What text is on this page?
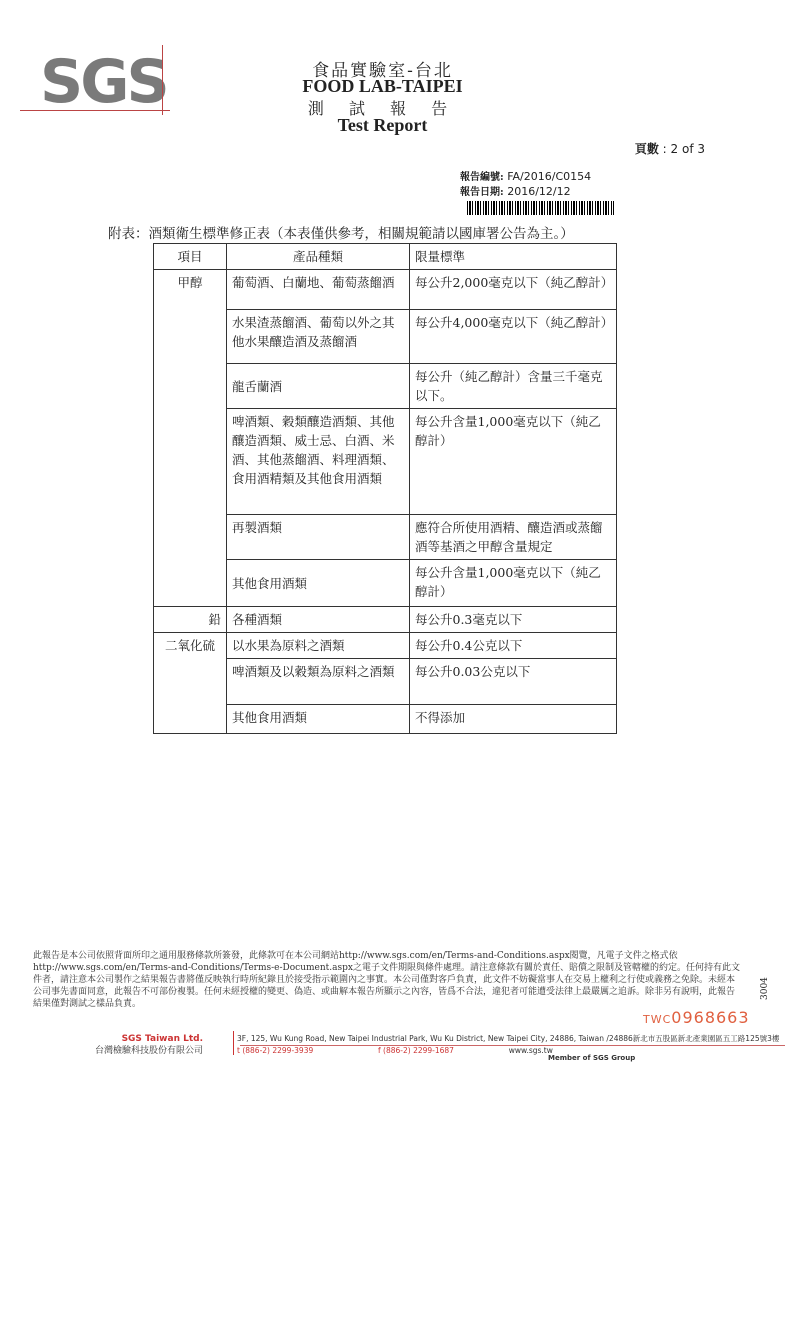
SGS	食品實驗室-台北
FOOD LAB-TAIPEI
測 試 報 告
Test Report
頁數 : 2 of 3
報告編號: FA/2016/C0154
報告日期: 2016/12/12
附表：酒類衛生標準修正表（本表僅供參考，相關規範請以國庫署公告為主。）
項目	產品種類	限量標準
甲醇	葡萄酒、白蘭地、葡萄蒸餾酒	每公升2,000毫克以下（純乙醇計）
	水果渣蒸餾酒、葡萄以外之其他水果釀造酒及蒸餾酒	每公升4,000毫克以下（純乙醇計）
	龍舌蘭酒	每公升（純乙醇計）含量三千毫克以下。
	啤酒類、穀類釀造酒類、其他釀造酒類、威士忌、白酒、米酒、其他蒸餾酒、料理酒類、食用酒精類及其他食用酒類	每公升含量1,000毫克以下（純乙醇計）
	再製酒類	應符合所使用酒精、釀造酒或蒸餾酒等基酒之甲醇含量規定
	其他食用酒類	每公升含量1,000毫克以下（純乙醇計）
鉛	各種酒類	每公升0.3毫克以下
二氧化硫	以水果為原料之酒類	每公升0.4公克以下
	啤酒類及以穀類為原料之酒類	每公升0.03公克以下
	其他食用酒類	不得添加
此報告是本公司依照背面所印之通用服務條款所簽發，此條款可在本公司網站http://www.sgs.com/en/Terms-and-Conditions.aspx閱覽，凡電子文件之格式依http://www.sgs.com/en/Terms-and-Conditions/Terms-e-Document.aspx之電子文件期限與條件處理。請注意條款有關於責任、賠償之限制及管轄權的約定。任何持有此文件者，請注意本公司製作之結果報告書將僅反映執行時所紀錄且於接受指示範圍內之事實。本公司僅對客戶負責，此文件不妨礙當事人在交易上權利之行使或義務之免除。未經本公司事先書面同意，此報告不可部份複製。任何未經授權的變更、偽造、或曲解本報告所顯示之內容，皆爲不合法，違犯者可能遭受法律上最嚴厲之追訴。除非另有說明，此報告結果僅對測試之樣品負責。
TWC0968663
3004
SGS Taiwan Ltd.
台灣檢驗科技股份有限公司
3F, 125, Wu Kung Road, New Taipei Industrial Park, Wu Ku District, New Taipei City, 24886, Taiwan /24886新北市五股區新北產業園區五工路125號3樓
t (886-2) 2299-3939	f (886-2) 2299-1687	www.sgs.tw
Member of SGS Group
